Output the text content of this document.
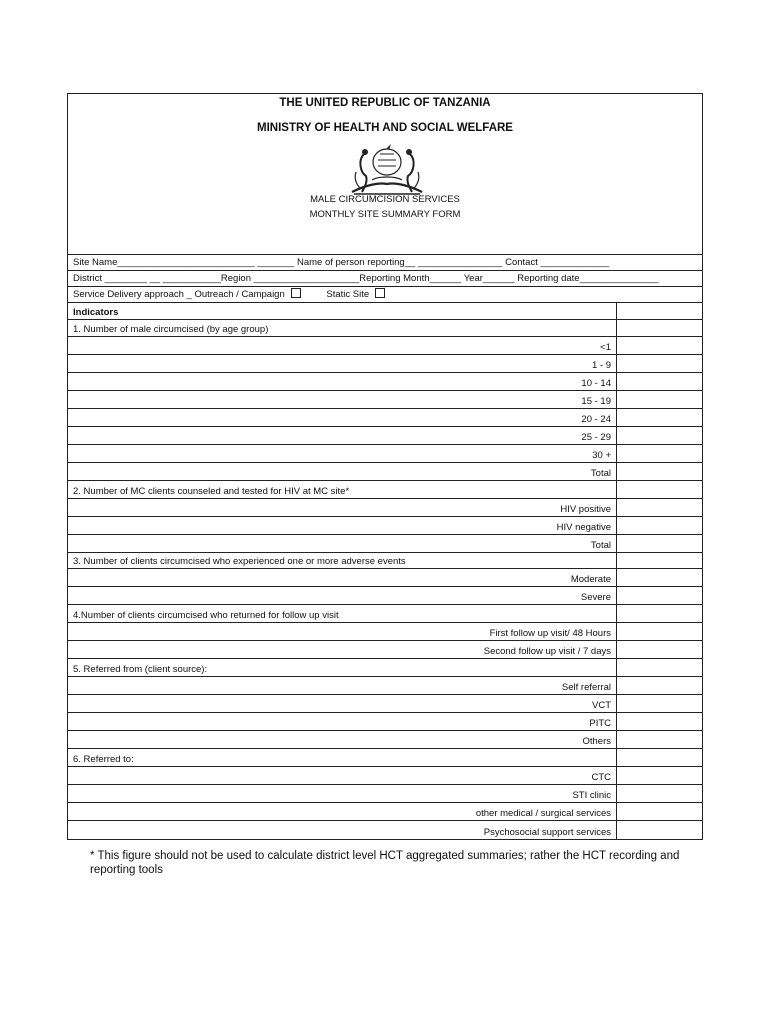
THE UNITED REPUBLIC OF TANZANIA
MINISTRY OF HEALTH AND SOCIAL WELFARE
MALE CIRCUMCISION SERVICES
MONTHLY SITE SUMMARY FORM
Site Name__________________________ _______ Name of person reporting__ ________________ Contact _____________
District ________ __ ___________Region ____________________Reporting Month______ Year______ Reporting date_______________
Service Delivery approach _ Outreach / Campaign	Static Site
Indicators
1. Number of male circumcised (by age group)
<1
1 - 9
10 - 14
15 - 19
20 - 24
25 - 29
30 +
Total
2. Number of MC clients counseled and tested for HIV at MC site*
HIV positive
HIV negative
Total
3. Number of clients circumcised who experienced one or more adverse events
Moderate
Severe
4.Number of clients circumcised who returned for follow up visit
First follow up visit/ 48 Hours
Second follow up visit / 7 days
5. Referred from (client source):
Self referral
VCT
PITC
Others
6. Referred to:
CTC
STI clinic
other medical / surgical services
Psychosocial support services
* This figure should not be used to calculate district level HCT aggregated summaries; rather the HCT recording and reporting tools
